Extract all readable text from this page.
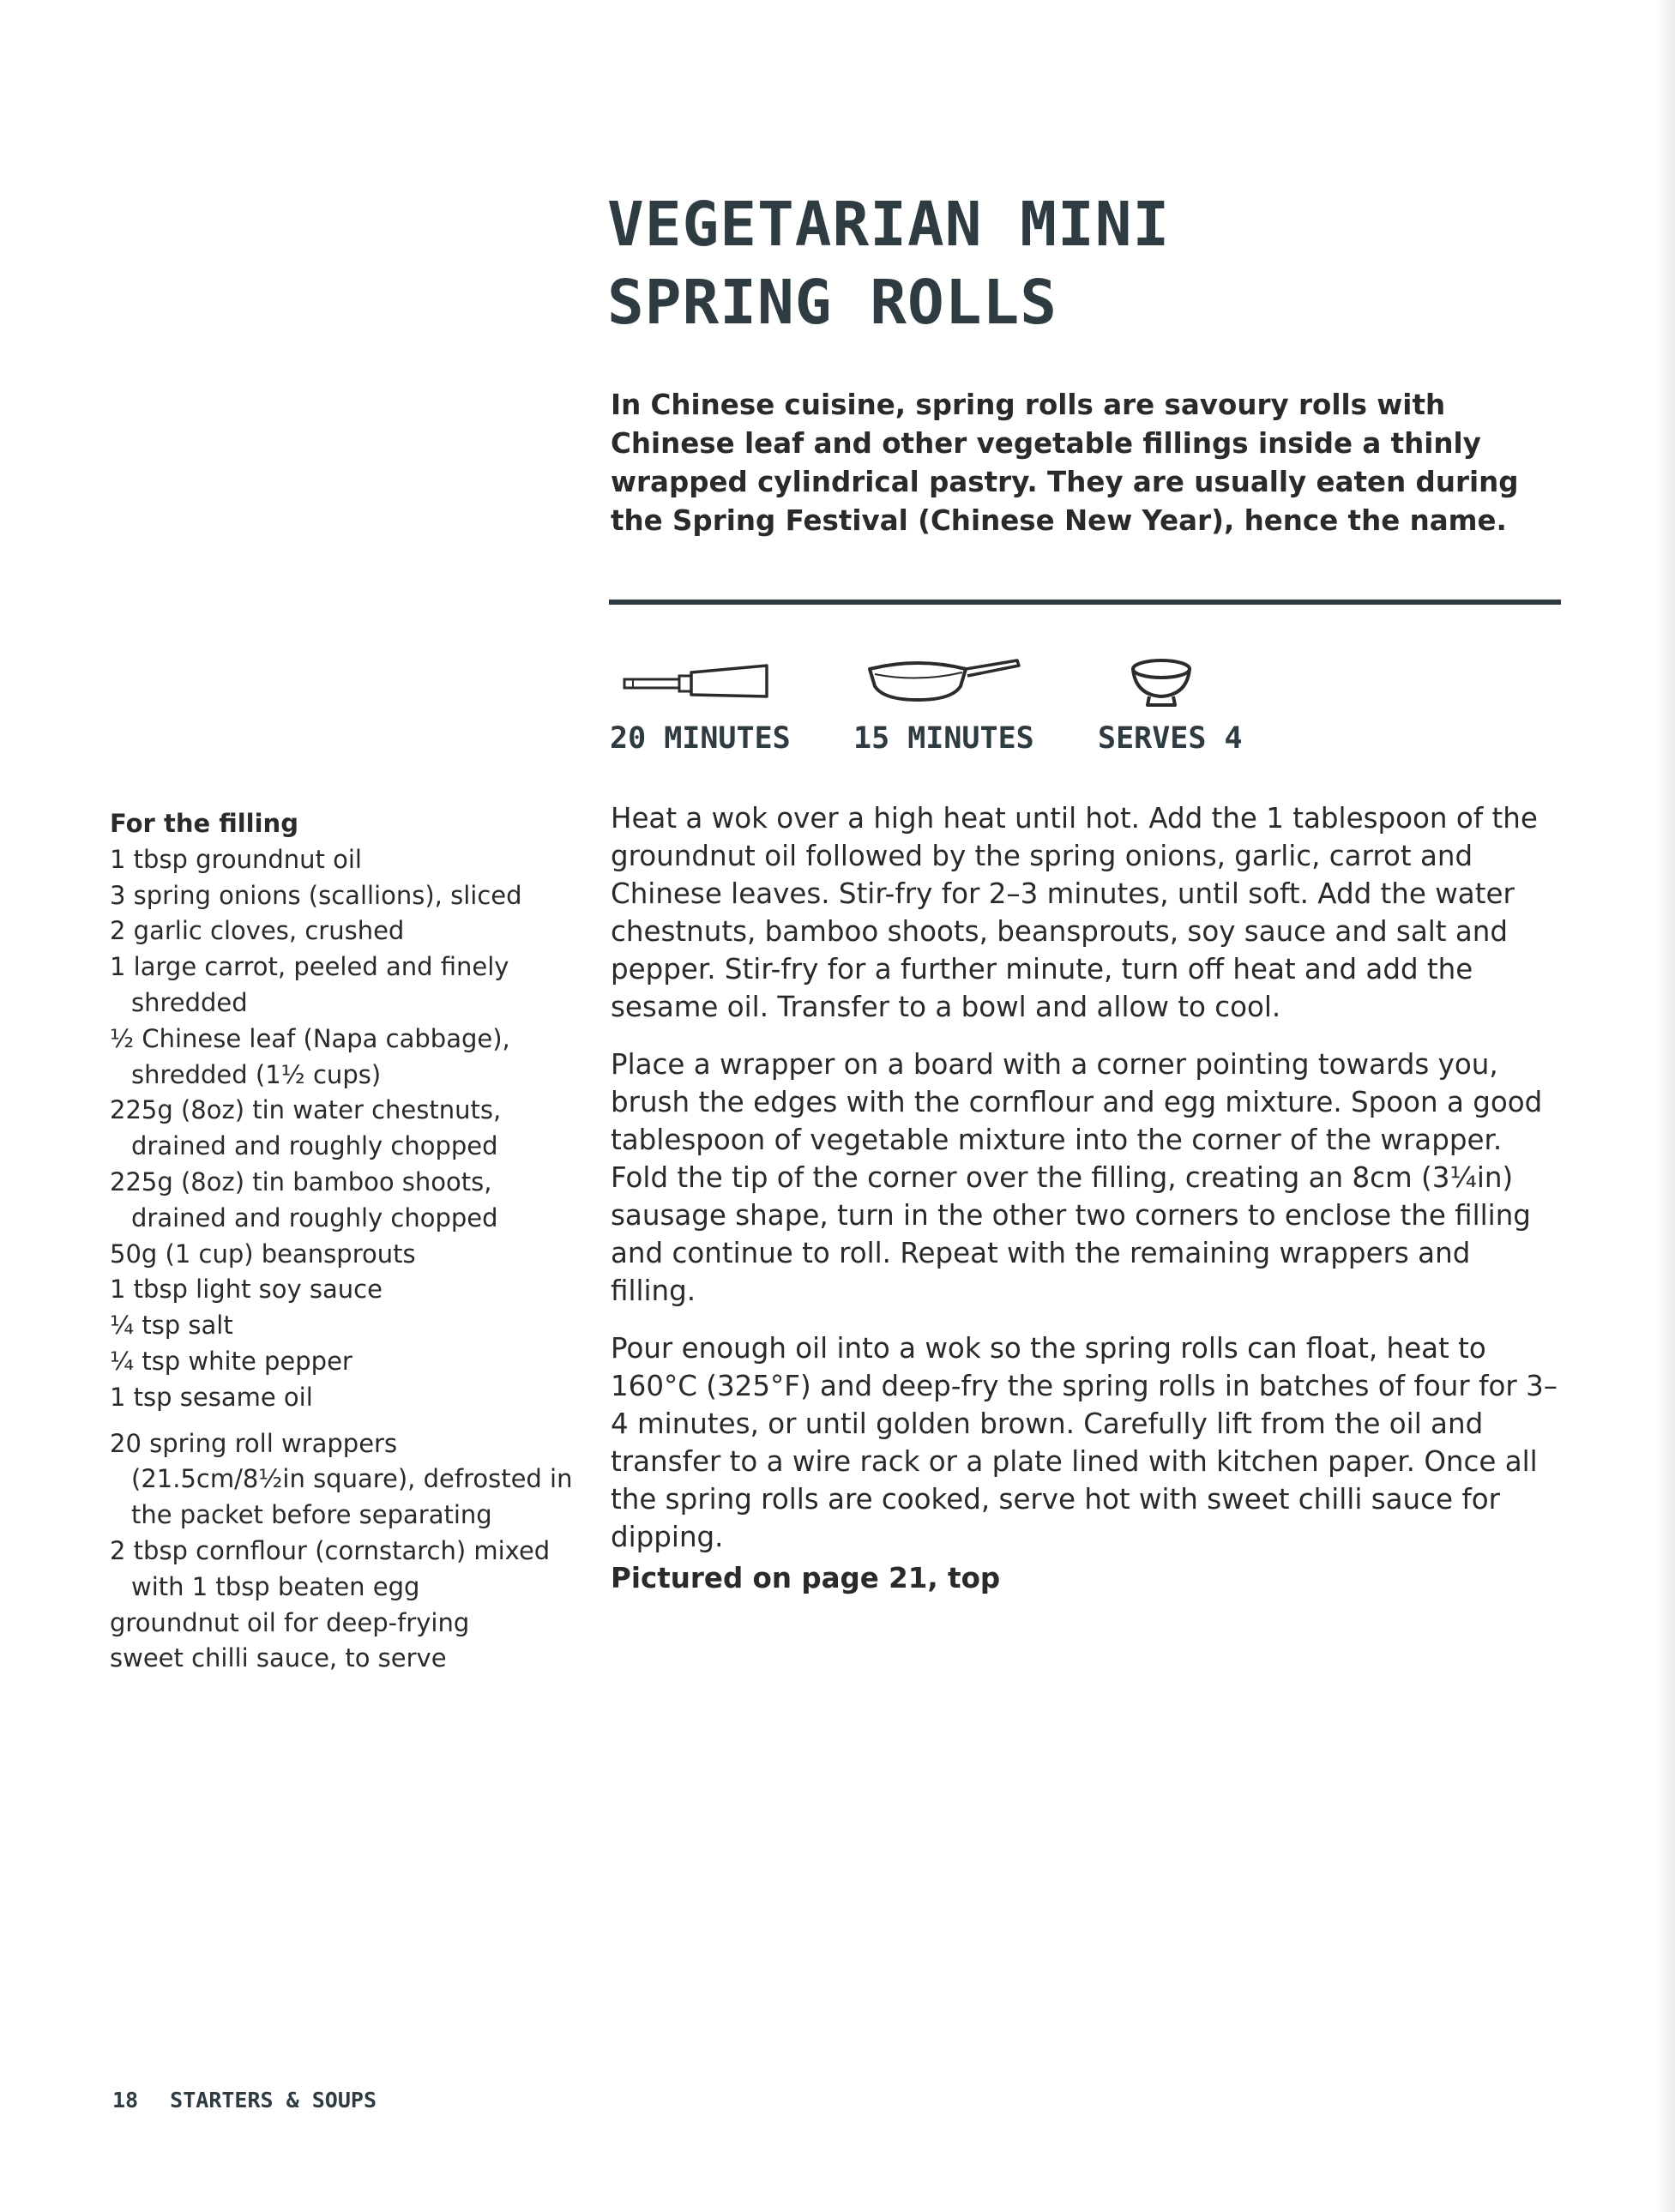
VEGETARIAN MINI
SPRING ROLLS
In Chinese cuisine, spring rolls are savoury rolls with Chinese leaf and other vegetable fillings inside a thinly wrapped cylindrical pastry. They are usually eaten during the Spring Festival (Chinese New Year), hence the name.
20 MINUTES 15 MINUTES SERVES 4
For the filling
1 tbsp groundnut oil
3 spring onions (scallions), sliced
2 garlic cloves, crushed
1 large carrot, peeled and finely shredded
½ Chinese leaf (Napa cabbage), shredded (1½ cups)
225g (8oz) tin water chestnuts, drained and roughly chopped
225g (8oz) tin bamboo shoots, drained and roughly chopped
50g (1 cup) beansprouts
1 tbsp light soy sauce
¼ tsp salt
¼ tsp white pepper
1 tsp sesame oil
20 spring roll wrappers (21.5cm/8½in square), defrosted in the packet before separating
2 tbsp cornflour (cornstarch) mixed with 1 tbsp beaten egg
groundnut oil for deep-frying
sweet chilli sauce, to serve

Heat a wok over a high heat until hot. Add the 1 tablespoon of the groundnut oil followed by the spring onions, garlic, carrot and Chinese leaves. Stir-fry for 2–3 minutes, until soft. Add the water chestnuts, bamboo shoots, beansprouts, soy sauce and salt and pepper. Stir-fry for a further minute, turn off heat and add the sesame oil. Transfer to a bowl and allow to cool.

Place a wrapper on a board with a corner pointing towards you, brush the edges with the cornflour and egg mixture. Spoon a good tablespoon of vegetable mixture into the corner of the wrapper. Fold the tip of the corner over the filling, creating an 8cm (3¼in) sausage shape, turn in the other two corners to enclose the filling and continue to roll. Repeat with the remaining wrappers and filling.

Pour enough oil into a wok so the spring rolls can float, heat to 160°C (325°F) and deep-fry the spring rolls in batches of four for 3–4 minutes, or until golden brown. Carefully lift from the oil and transfer to a wire rack or a plate lined with kitchen paper. Once all the spring rolls are cooked, serve hot with sweet chilli sauce for dipping.

Pictured on page 21, top
18 STARTERS & SOUPS
